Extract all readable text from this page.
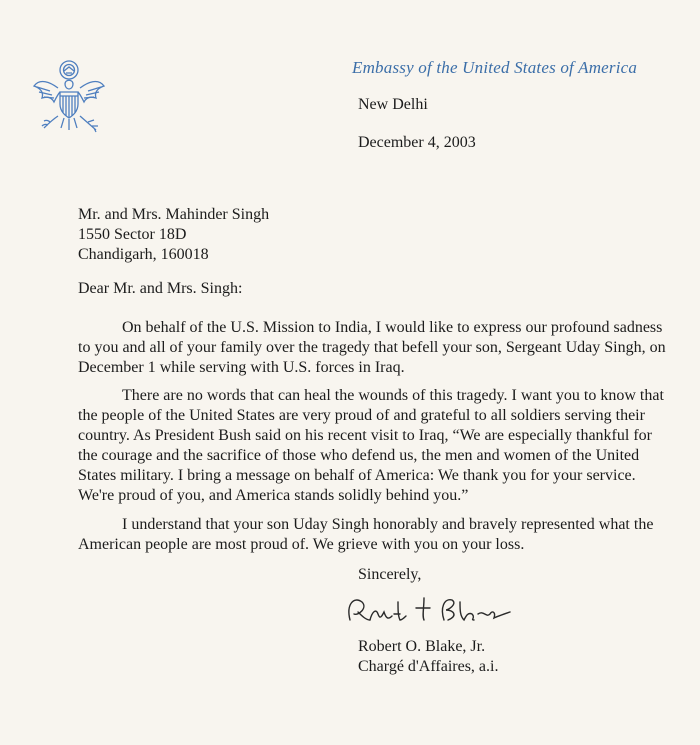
Embassy of the United States of America
New Delhi
December 4, 2003
Mr. and Mrs. Mahinder Singh
1550 Sector 18D
Chandigarh, 160018
Dear Mr. and Mrs. Singh:
On behalf of the U.S. Mission to India, I would like to express our profound sadness
to you and all of your family over the tragedy that befell your son, Sergeant Uday Singh, on
December 1 while serving with U.S. forces in Iraq.
There are no words that can heal the wounds of this tragedy. I want you to know that
the people of the United States are very proud of and grateful to all soldiers serving their
country. As President Bush said on his recent visit to Iraq, “We are especially thankful for
the courage and the sacrifice of those who defend us, the men and women of the United
States military. I bring a message on behalf of America: We thank you for your service.
We're proud of you, and America stands solidly behind you.”
I understand that your son Uday Singh honorably and bravely represented what the
American people are most proud of. We grieve with you on your loss.
Sincerely,
Robert O. Blake, Jr.
Chargé d'Affaires, a.i.
